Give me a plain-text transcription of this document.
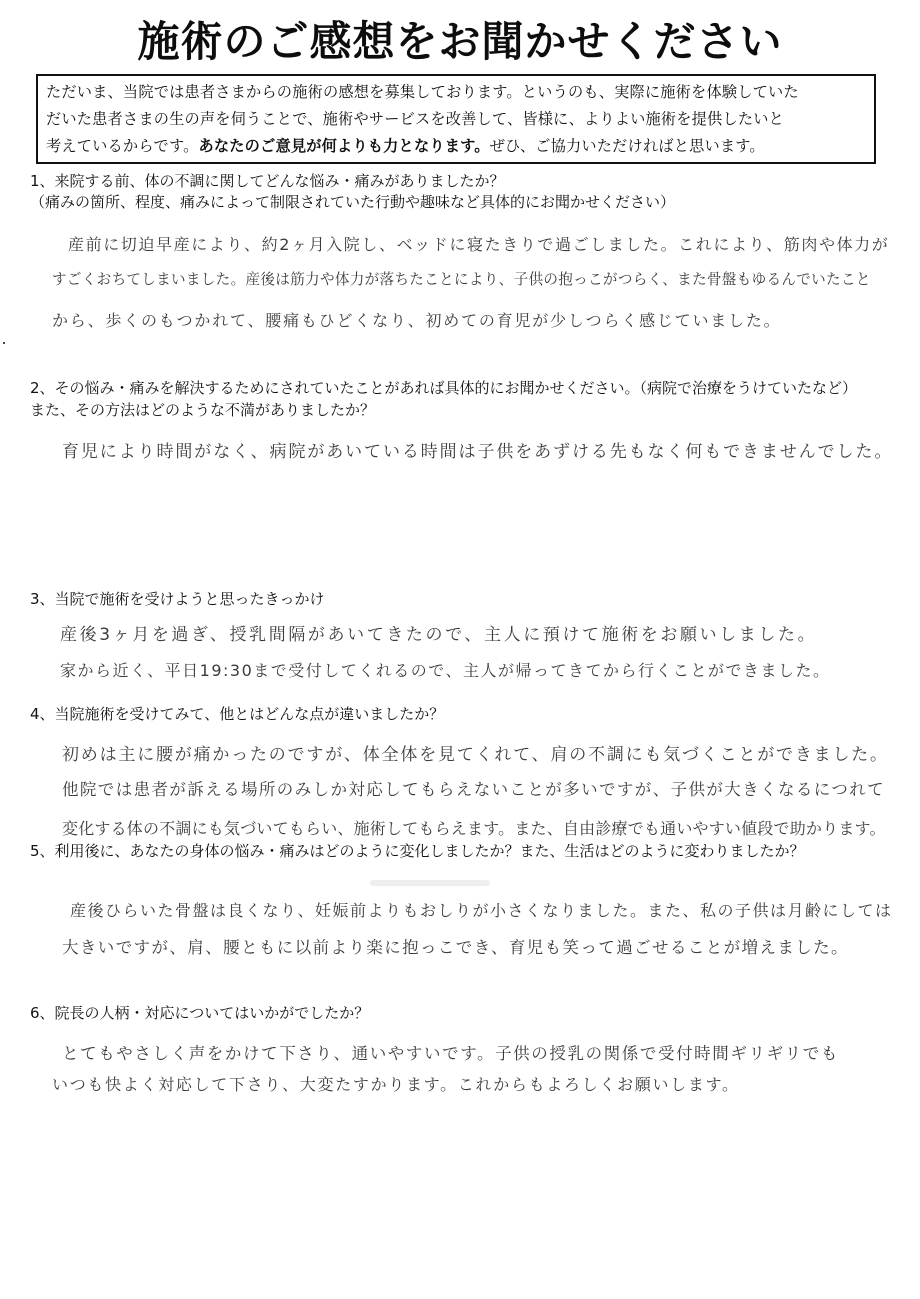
施術のご感想をお聞かせください

ただいま、当院では患者さまからの施術の感想を募集しております。というのも、実際に施術を体験していた

だいた患者さまの生の声を伺うことで、施術やサービスを改善して、皆様に、よりよい施術を提供したいと

考えているからです。あなたのご意見が何よりも力となります。ぜひ、ご協力いただければと思います。

1、来院する前、体の不調に関してどんな悩み・痛みがありましたか？

（痛みの箇所、程度、痛みによって制限されていた行動や趣味など具体的にお聞かせください）

産前に切迫早産により、約2ヶ月入院し、ベッドに寝たきりで過ごしました。これにより、筋肉や体力が

すごくおちてしまいました。産後は筋力や体力が落ちたことにより、子供の抱っこがつらく、また骨盤もゆるんでいたこと

から、歩くのもつかれて、腰痛もひどくなり、初めての育児が少しつらく感じていました。

2、その悩み・痛みを解決するためにされていたことがあれば具体的にお聞かせください。（病院で治療をうけていたなど）

また、その方法はどのような不満がありましたか？

育児により時間がなく、病院があいている時間は子供をあずける先もなく何もできませんでした。

3、当院で施術を受けようと思ったきっかけ

産後3ヶ月を過ぎ、授乳間隔があいてきたので、主人に預けて施術をお願いしました。

家から近く、平日19:30まで受付してくれるので、主人が帰ってきてから行くことができました。

4、当院施術を受けてみて、他とはどんな点が違いましたか？

初めは主に腰が痛かったのですが、体全体を見てくれて、肩の不調にも気づくことができました。

他院では患者が訴える場所のみしか対応してもらえないことが多いですが、子供が大きくなるにつれて

変化する体の不調にも気づいてもらい、施術してもらえます。また、自由診療でも通いやすい値段で助かります。

5、利用後に、あなたの身体の悩み・痛みはどのように変化しましたか？また、生活はどのように変わりましたか？

産後ひらいた骨盤は良くなり、妊娠前よりもおしりが小さくなりました。また、私の子供は月齢にしては

大きいですが、肩、腰ともに以前より楽に抱っこでき、育児も笑って過ごせることが増えました。

6、院長の人柄・対応についてはいかがでしたか？

とてもやさしく声をかけて下さり、通いやすいです。子供の授乳の関係で受付時間ギリギリでも

いつも快よく対応して下さり、大変たすかります。これからもよろしくお願いします。
